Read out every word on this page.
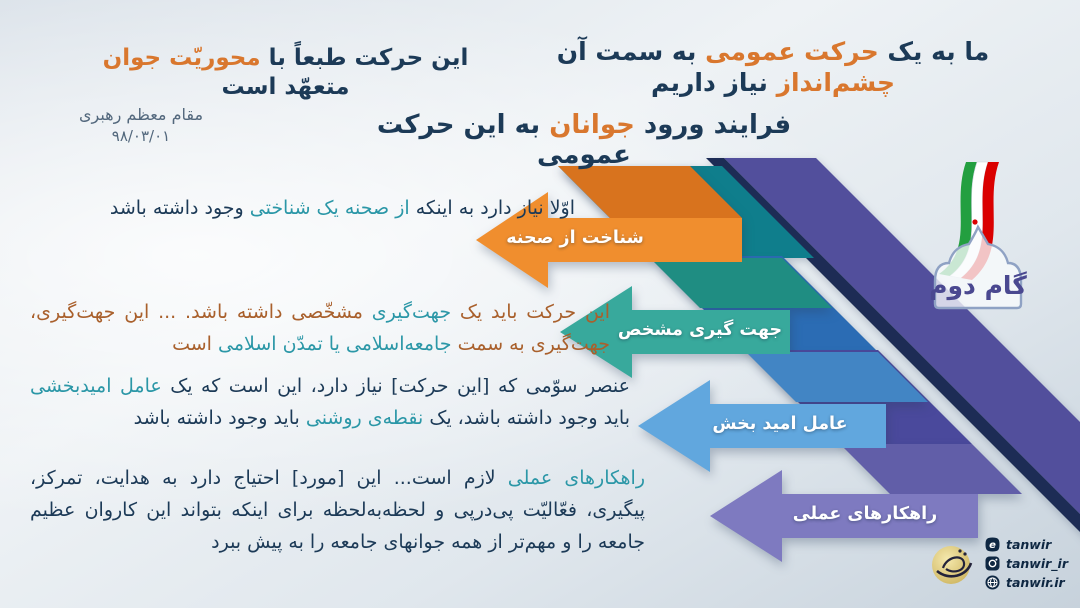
گام دوم
ما به یک حرکت عمومی به سمت آن چشم‌انداز نیاز داریم
این حرکت طبعاً با محوریّت جوان متعهّد است
مقام معظم رهبری
۹۸/۰۳/۰۱	فرایند ورود جوانان به این حرکت عمومی
اوّلا نیاز دارد به اینکه از صحنه یک شناختی وجود داشته باشد
این حرکت باید یک جهت‌گیری مشخّصی داشته باشد. ... این جهت‌گیری، جهت‌گیری به سمت جامعه‌اسلامی یا تمدّن اسلامی است
عنصر سوّمی که [این حرکت] نیاز دارد، این است که یک عامل امیدبخشی باید وجود داشته باشد، یک نقطه‌ی روشنی باید وجود داشته باشد
راهکارهای عملی لازم است... این [مورد] احتیاج دارد به هدایت، تمرکز، پیگیری، فعّالیّت پی‌درپی و لحظه‌به‌لحظه برای اینکه بتواند این کاروان عظیم جامعه را و مهم‌تر از همه جوانهای جامعه را به پیش ببرد
شناخت از صحنه
جهت گیری مشخص
عامل امید بخش
راهکارهای عملی
e tanwir
tanwir_ir
tanwir.ir
